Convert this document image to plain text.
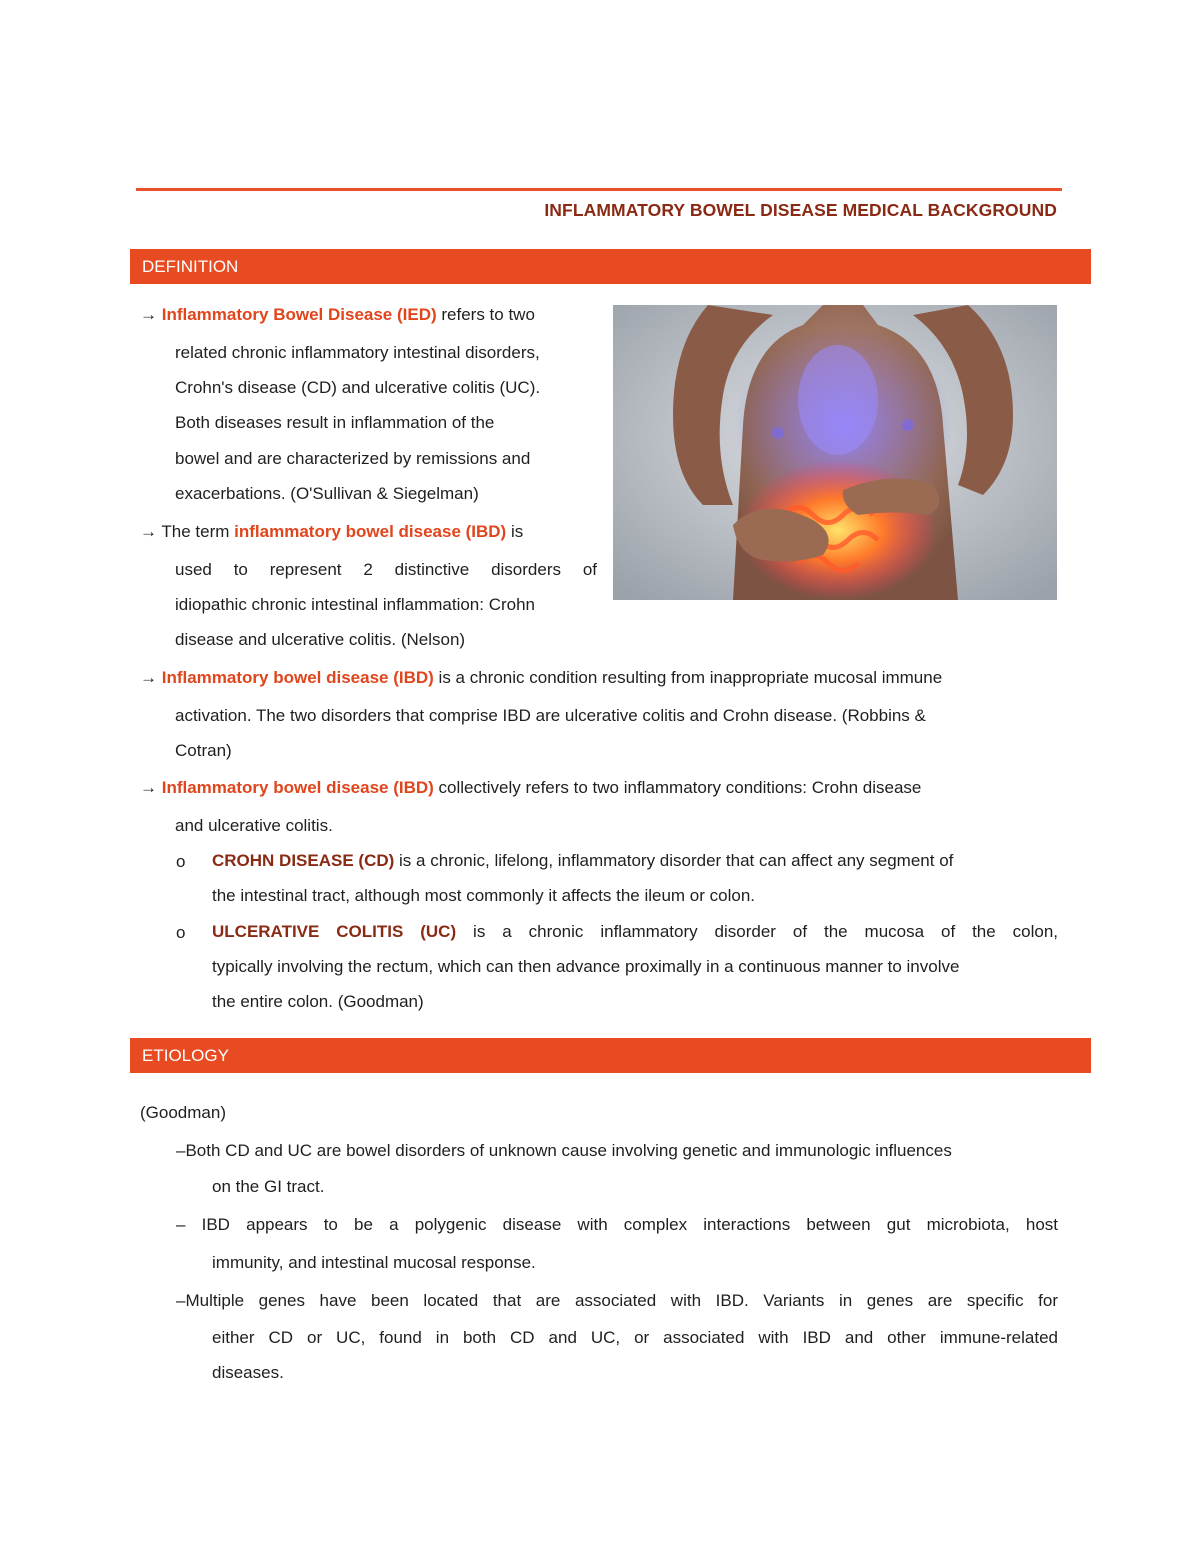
INFLAMMATORY BOWEL DISEASE MEDICAL BACKGROUND
DEFINITION
→ Inflammatory Bowel Disease (IED) refers to two
related chronic inflammatory intestinal disorders,
Crohn's disease (CD) and ulcerative colitis (UC).
Both diseases result in inflammation of the
bowel and are characterized by remissions and
exacerbations. (O'Sullivan & Siegelman)
→ The term inflammatory bowel disease (IBD) is
used to represent 2 distinctive disorders of
idiopathic chronic intestinal inflammation: Crohn
disease and ulcerative colitis. (Nelson)
→ Inflammatory bowel disease (IBD) is a chronic condition resulting from inappropriate mucosal immune
activation. The two disorders that comprise IBD are ulcerative colitis and Crohn disease. (Robbins &
Cotran)
→ Inflammatory bowel disease (IBD) collectively refers to two inflammatory conditions: Crohn disease
and ulcerative colitis.
o CROHN DISEASE (CD) is a chronic, lifelong, inflammatory disorder that can affect any segment of
the intestinal tract, although most commonly it affects the ileum or colon.
o ULCERATIVE COLITIS (UC) is a chronic inflammatory disorder of the mucosa of the colon,
typically involving the rectum, which can then advance proximally in a continuous manner to involve
the entire colon. (Goodman)
ETIOLOGY
(Goodman)
–Both CD and UC are bowel disorders of unknown cause involving genetic and immunologic influences
on the GI tract.
– IBD appears to be a polygenic disease with complex interactions between gut microbiota, host
immunity, and intestinal mucosal response.
–Multiple genes have been located that are associated with IBD. Variants in genes are specific for
either CD or UC, found in both CD and UC, or associated with IBD and other immune-related
diseases.
